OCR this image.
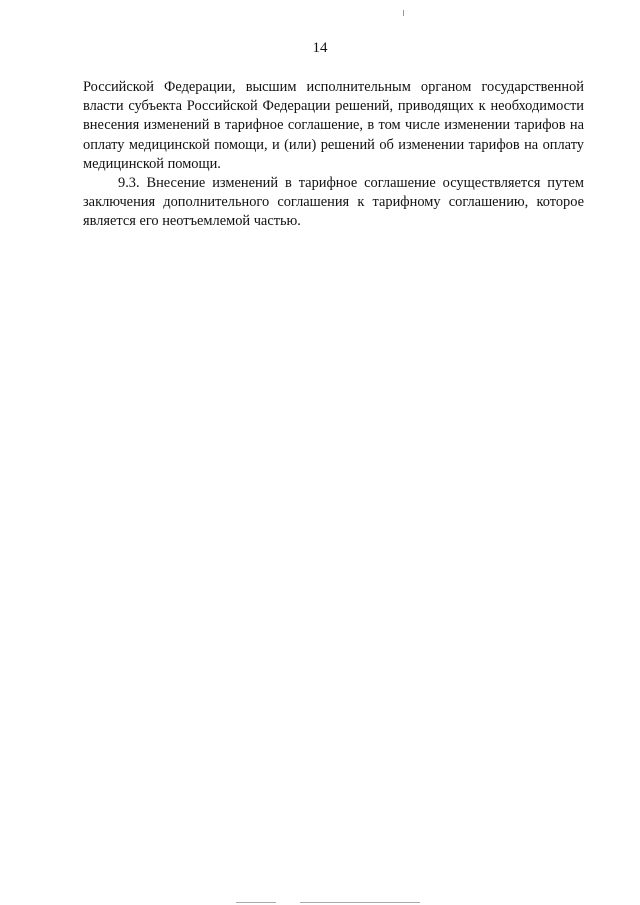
14

Российской Федерации, высшим исполнительным органом государственной власти субъекта Российской Федерации решений, приводящих к необходимости внесения изменений в тарифное соглашение, в том числе изменении тарифов на оплату медицинской помощи, и (или) решений об изменении тарифов на оплату медицинской помощи.

9.3. Внесение изменений в тарифное соглашение осуществляется путем заключения дополнительного соглашения к тарифному соглашению, которое является его неотъемлемой частью.
